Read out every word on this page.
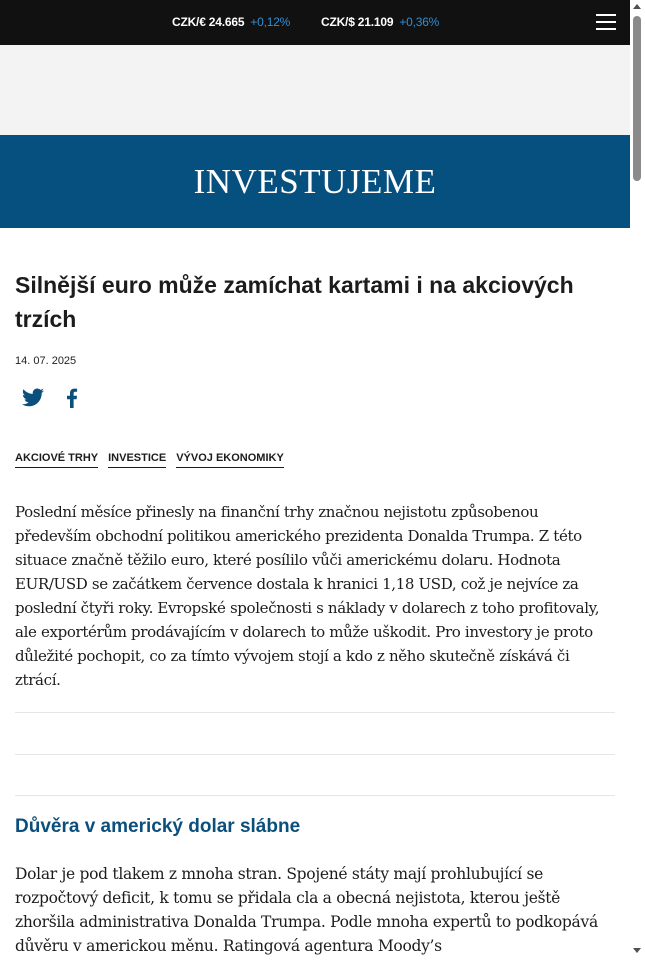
CZK/€ 24.665 +0,12%	CZK/$ 21.109 +0,36%
INVESTUJEME
Silnější euro může zamíchat kartami i na akciových trzích
14. 07. 2025
AKCIOVÉ TRHY INVESTICE VÝVOJ EKONOMIKY

Poslední měsíce přinesly na finanční trhy značnou nejistotu způsobenou především obchodní politikou amerického prezidenta Donalda Trumpa. Z této situace značně těžilo euro, které posílilo vůči americkému dolaru. Hodnota EUR/USD se začátkem července dostala k hranici 1,18 USD, což je nejvíce za poslední čtyři roky. Evropské společnosti s náklady v dolarech z toho profitovaly, ale exportérům prodávajícím v dolarech to může uškodit. Pro investory je proto důležité pochopit, co za tímto vývojem stojí a kdo z něho skutečně získává či ztrácí.

Důvěra v americký dolar slábne

Dolar je pod tlakem z mnoha stran. Spojené státy mají prohlubující se rozpočtový deficit, k tomu se přidala cla a obecná nejistota, kterou ještě zhoršila administrativa Donalda Trumpa. Podle mnoha expertů to podkopává důvěru v americkou měnu. Ratingová agentura Moody’s
